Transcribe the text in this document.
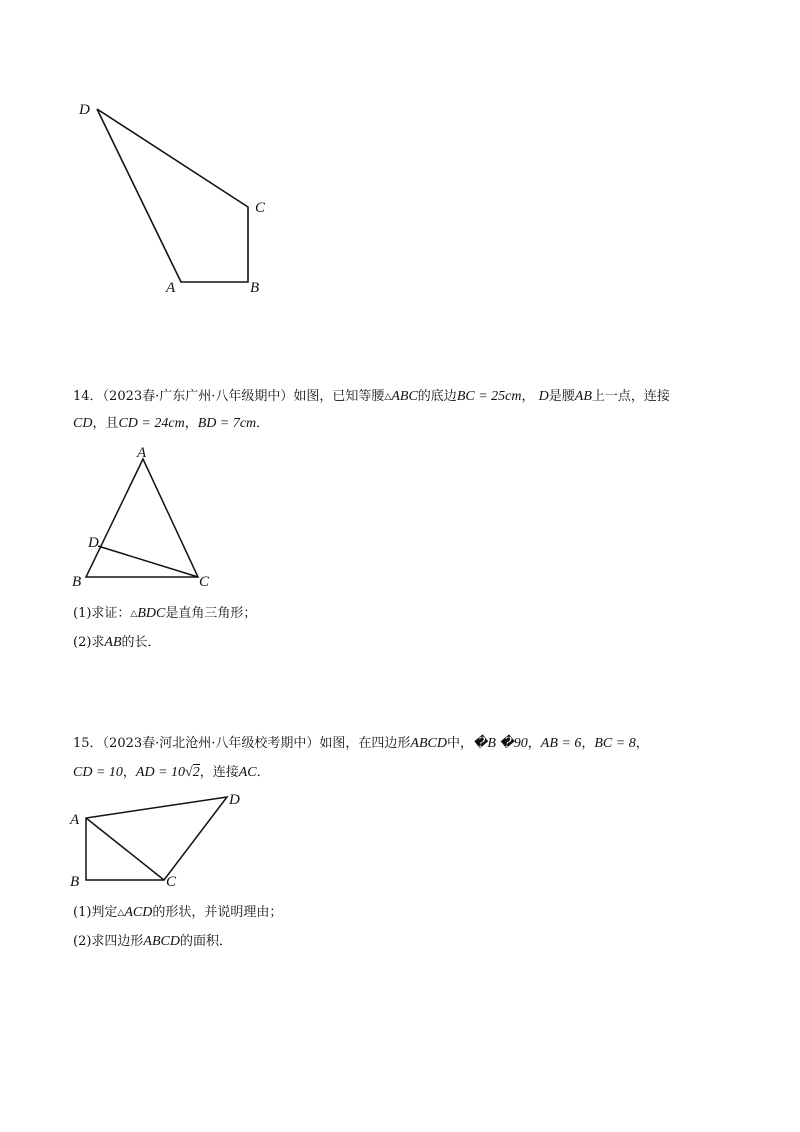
D
C
A	B
A
D
B	C
A
B	C
D
14．（2023春·广东广州·八年级期中）如图，已知等腰△ABC的底边BC = 25cm， D是腰AB上一点，连接
CD，且CD = 24cm，BD = 7cm．
(1)求证：△BDC是直角三角形；
(2)求AB的长．
15．（2023春·河北沧州·八年级校考期中）如图，在四边形ABCD中，�B �90，AB = 6，BC = 8，
CD = 10，AD = 10√2，连接AC．
(1)判定△ACD的形状，并说明理由；
(2)求四边形ABCD的面积．
